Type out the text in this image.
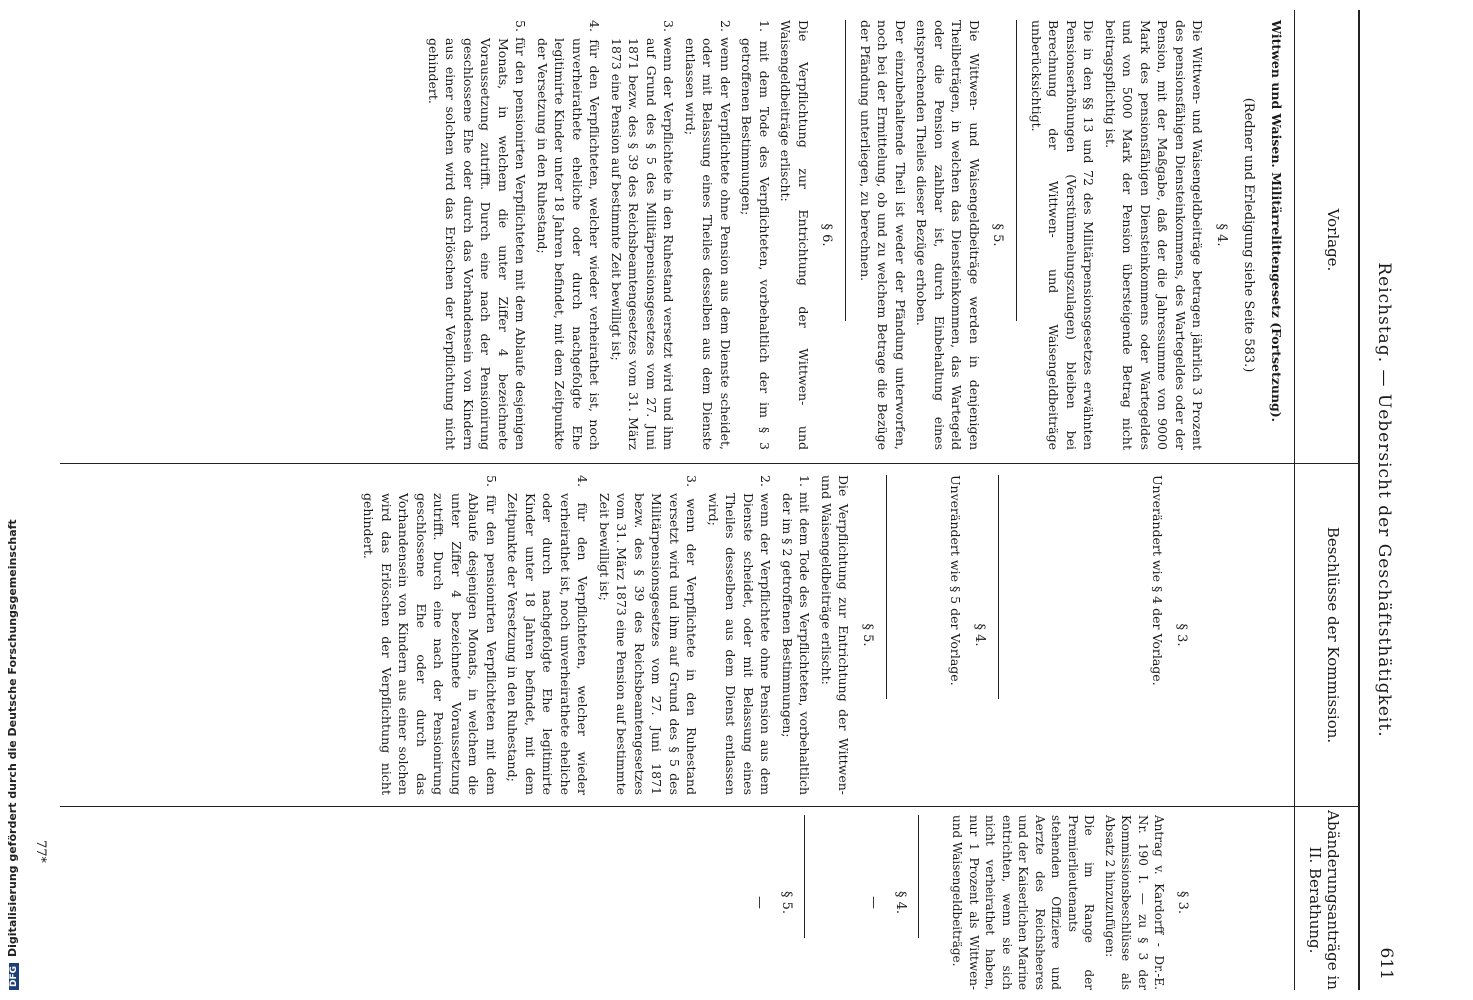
Reichstag. — Uebersicht der Geschäftsthätigkeit.
611
Vorlage.
Beschlüsse der Kommission.
Abänderungsanträge in II. Berathung.

Wittwen und Waisen. Militärrelittengesetz (Fortsetzung).

(Redner und Erledigung siehe Seite 583.)

§ 4.

Die Wittwen- und Waisengeldbeiträge betragen jährlich 3 Prozent des pensionsfähigen Diensteinkommens, des Wartegeldes oder der Pension, mit der Maßgabe, daß der die Jahressumme von 9000 Mark des pensionsfähigen Diensteinkommens oder Wartegeldes und von 5000 Mark der Pension übersteigende Betrag nicht beitragspflichtig ist.

Die in den §§ 13 und 72 des Militärpensionsgesetzes erwähnten Pensionserhöhungen (Verstümmelungszulagen) bleiben bei Berechnung der Wittwen- und Waisengeldbeiträge unberücksichtigt.

§ 5.

Die Wittwen- und Waisengeldbeiträge werden in denjenigen Theilbeträgen, in welchen das Diensteinkommen, das Wartegeld oder die Pension zahlbar ist, durch Einbehaltung eines entsprechenden Theiles dieser Bezüge erhoben.

Der einzubehaltende Theil ist weder der Pfändung unterworfen, noch bei der Ermittelung, ob und zu welchem Betrage die Bezüge der Pfändung unterliegen, zu berechnen.

§ 6.

Die Verpflichtung zur Entrichtung der Wittwen- und Waisengeldbeiträge erlischt:

1. mit dem Tode des Verpflichteten, vorbehaltlich der im § 3 getroffenen Bestimmungen;

2. wenn der Verpflichtete ohne Pension aus dem Dienste scheidet, oder mit Belassung eines Theiles desselben aus dem Dienste entlassen wird;

3. wenn der Verpflichtete in den Ruhestand versetzt wird und ihm auf Grund des § 5 des Militärpensionsgesetzes vom 27. Juni 1871 bezw. des § 39 des Reichsbeamtengesetzes vom 31. März 1873 eine Pension auf bestimmte Zeit bewilligt ist;

4. für den Verpflichteten, welcher wieder verheirathet ist, noch unverheirathete eheliche oder durch nachgefolgte Ehe legitimirte Kinder unter 18 Jahren befindet, mit dem Zeitpunkte der Versetzung in den Ruhestand;

5. für den pensionirten Verpflichteten mit dem Ablaufe desjenigen Monats, in welchem die unter Ziffer 4 bezeichnete Voraussetzung zutrifft. Durch eine nach der Pensionirung geschlossene Ehe oder durch das Vorhandensein von Kindern aus einer solchen wird das Erlöschen der Verpflichtung nicht gehindert.

§ 3.

Unverändert wie § 4 der Vorlage.

§ 4.

Unverändert wie § 5 der Vorlage.

§ 5.

Die Verpflichtung zur Entrichtung der Wittwen- und Waisengeldbeiträge erlischt:

1. mit dem Tode des Verpflichteten, vorbehaltlich der im § 2 getroffenen Bestimmungen;

2. wenn der Verpflichtete ohne Pension aus dem Dienste scheidet, oder mit Belassung eines Theiles desselben aus dem Dienst entlassen wird;

3. wenn der Verpflichtete in den Ruhestand versetzt wird und ihm auf Grund des § 5 des Militärpensionsgesetzes vom 27. Juni 1871 bezw. des § 39 des Reichsbeamtengesetzes vom 31. März 1873 eine Pension auf bestimmte Zeit bewilligt ist;

4. für den Verpflichteten, welcher wieder verheirathet ist, noch unverheirathete eheliche oder durch nachgefolgte Ehe legitimirte Kinder unter 18 Jahren befindet, mit dem Zeitpunkte der Versetzung in den Ruhestand;

5. für den pensionirten Verpflichteten mit dem Ablaufe desjenigen Monats, in welchem die unter Ziffer 4 bezeichnete Voraussetzung zutrifft. Durch eine nach der Pensionirung geschlossene Ehe oder durch das Vorhandensein von Kindern aus einer solchen wird das Erlöschen der Verpflichtung nicht gehindert.

§ 3.

Antrag v. Kardorff - Dr.-E. Nr. 190 I. — zu § 3 der Kommissionsbeschlüsse als Absatz 2 hinzuzufügen:

Die im Range der Premierlieutenants stehenden Offiziere und Aerzte des Reichsheeres und der Kaiserlichen Marine entrichten, wenn sie sich nicht verheirathet haben, nur 1 Prozent als Wittwen- und Waisengeldbeiträge.

§ 4.

—

§ 5.

—

77*
DFGDigitalisierung gefördert durch die Deutsche Forschungsgemeinschaft
